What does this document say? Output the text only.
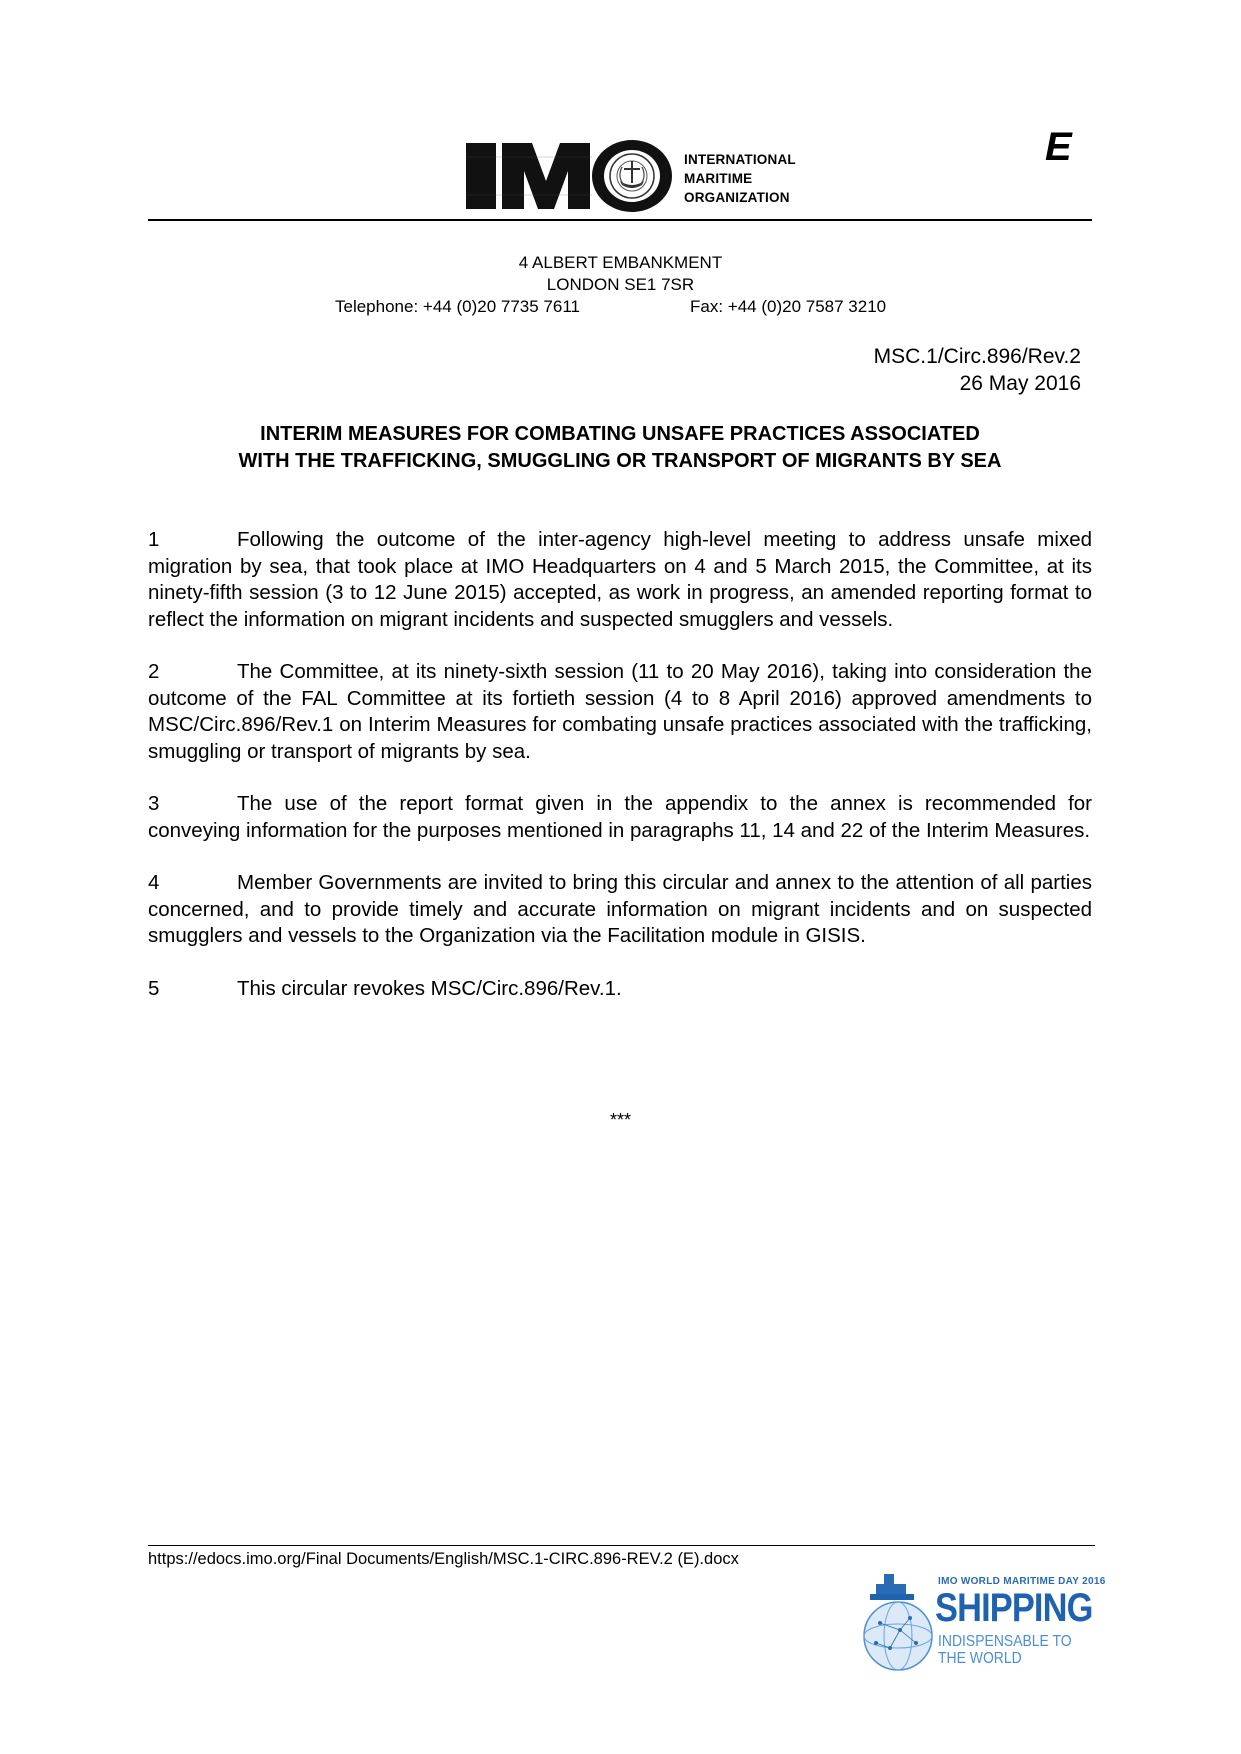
INTERNATIONAL
MARITIME
ORGANIZATION
E
4 ALBERT EMBANKMENT
LONDON SE1 7SR
Telephone: +44 (0)20 7735 7611	Fax: +44 (0)20 7587 3210
MSC.1/Circ.896/Rev.2
26 May 2016
INTERIM MEASURES FOR COMBATING UNSAFE PRACTICES ASSOCIATED
WITH THE TRAFFICKING, SMUGGLING OR TRANSPORT OF MIGRANTS BY SEA

1	Following the outcome of the inter-agency high-level meeting to address unsafe mixed migration by sea, that took place at IMO Headquarters on 4 and 5 March 2015, the Committee, at its ninety-fifth session (3 to 12 June 2015) accepted, as work in progress, an amended reporting format to reflect the information on migrant incidents and suspected smugglers and vessels.

2	The Committee, at its ninety-sixth session (11 to 20 May 2016), taking into consideration the outcome of the FAL Committee at its fortieth session (4 to 8 April 2016) approved amendments to MSC/Circ.896/Rev.1 on Interim Measures for combating unsafe practices associated with the trafficking, smuggling or transport of migrants by sea.

3	The use of the report format given in the appendix to the annex is recommended for conveying information for the purposes mentioned in paragraphs 11, 14 and 22 of the Interim Measures.

4	Member Governments are invited to bring this circular and annex to the attention of all parties concerned, and to provide timely and accurate information on migrant incidents and on suspected smugglers and vessels to the Organization via the Facilitation module in GISIS.

5	This circular revokes MSC/Circ.896/Rev.1.

***
https://edocs.imo.org/Final Documents/English/MSC.1-CIRC.896-REV.2 (E).docx
IMO WORLD MARITIME DAY 2016
SHIPPING
INDISPENSABLE TO
THE WORLD
